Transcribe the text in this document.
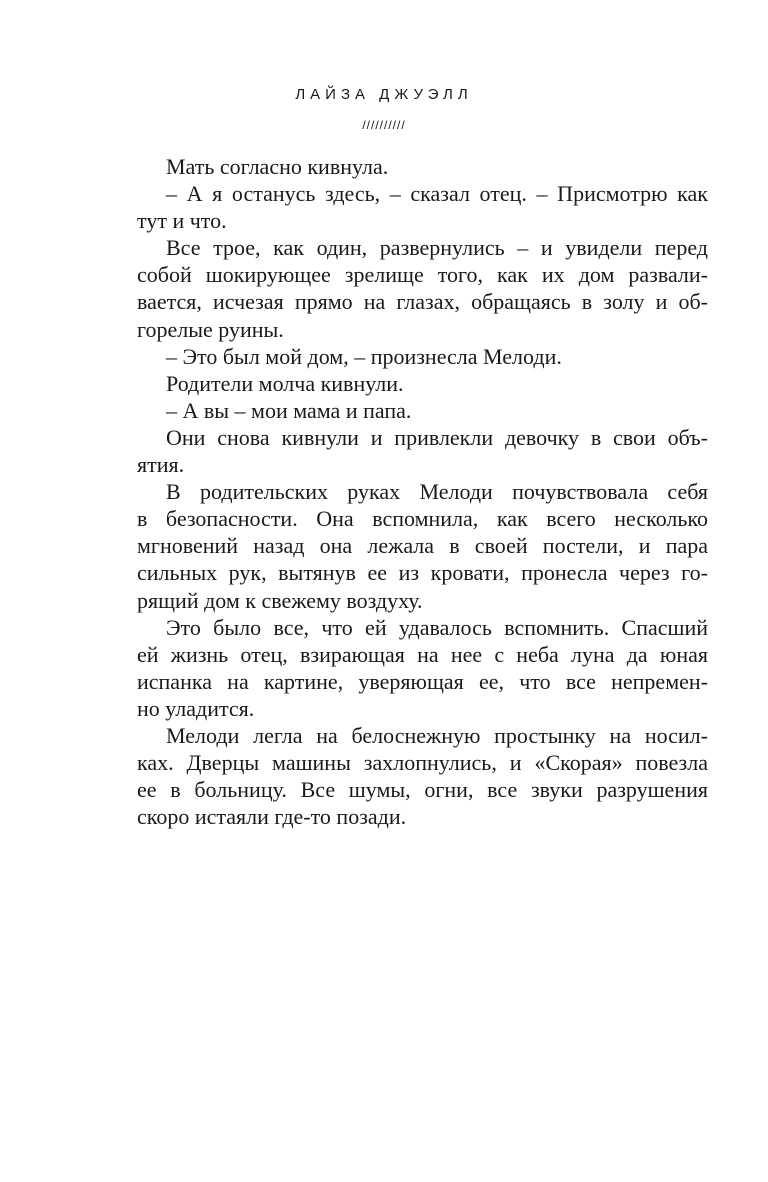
ЛАЙЗА ДЖУЭЛЛ
//////////
Мать согласно кивнула.
– А я останусь здесь, – сказал отец. – Присмотрю как
тут и что.
Все трое, как один, развернулись – и увидели перед
собой шокирующее зрелище того, как их дом развали-
вается, исчезая прямо на глазах, обращаясь в золу и об-
горелые руины.
– Это был мой дом, – произнесла Мелоди.
Родители молча кивнули.
– А вы – мои мама и папа.
Они снова кивнули и привлекли девочку в свои объ-
ятия.
В родительских руках Мелоди почувствовала себя
в безопасности. Она вспомнила, как всего несколько
мгновений назад она лежала в своей постели, и пара
сильных рук, вытянув ее из кровати, пронесла через го-
рящий дом к свежему воздуху.
Это было все, что ей удавалось вспомнить. Спасший
ей жизнь отец, взирающая на нее с неба луна да юная
испанка на картине, уверяющая ее, что все непремен-
но уладится.
Мелоди легла на белоснежную простынку на носил-
ках. Дверцы машины захлопнулись, и «Скорая» повезла
ее в больницу. Все шумы, огни, все звуки разрушения
скоро истаяли где-то позади.
